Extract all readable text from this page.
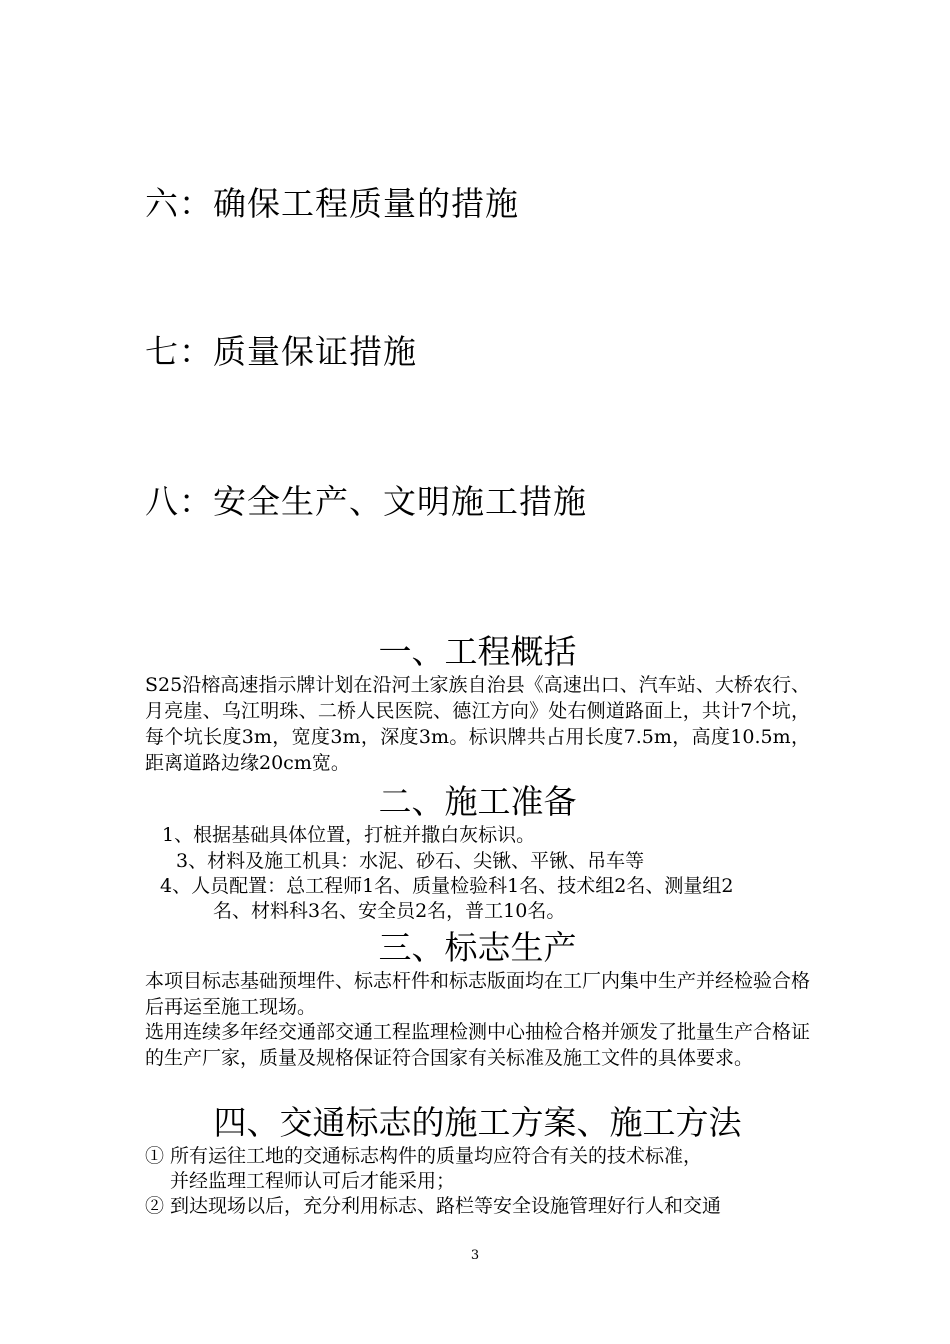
六：确保工程质量的措施
七：质量保证措施
八：安全生产、文明施工措施
一、工程概括
S25沿榕高速指示牌计划在沿河土家族自治县《高速出口、汽车站、大桥农行、月亮崖、乌江明珠、二桥人民医院、德江方向》处右侧道路面上，共计7个坑，每个坑长度3m，宽度3m，深度3m。标识牌共占用长度7.5m，高度10.5m，距离道路边缘20cm宽。
二、施工准备
1、根据基础具体位置，打桩并撒白灰标识。
3、材料及施工机具：水泥、砂石、尖锹、平锹、吊车等
4、人员配置：总工程师1名、质量检验科1名、技术组2名、测量组2
名、材料科3名、安全员2名，普工10名。
三、标志生产
本项目标志基础预埋件、标志杆件和标志版面均在工厂内集中生产并经检验合格后再运至施工现场。
选用连续多年经交通部交通工程监理检测中心抽检合格并颁发了批量生产合格证的生产厂家，质量及规格保证符合国家有关标准及施工文件的具体要求。
四、交通标志的施工方案、施工方法
① 所有运往工地的交通标志构件的质量均应符合有关的技术标准，
并经监理工程师认可后才能采用；
② 到达现场以后，充分利用标志、路栏等安全设施管理好行人和交通
3
